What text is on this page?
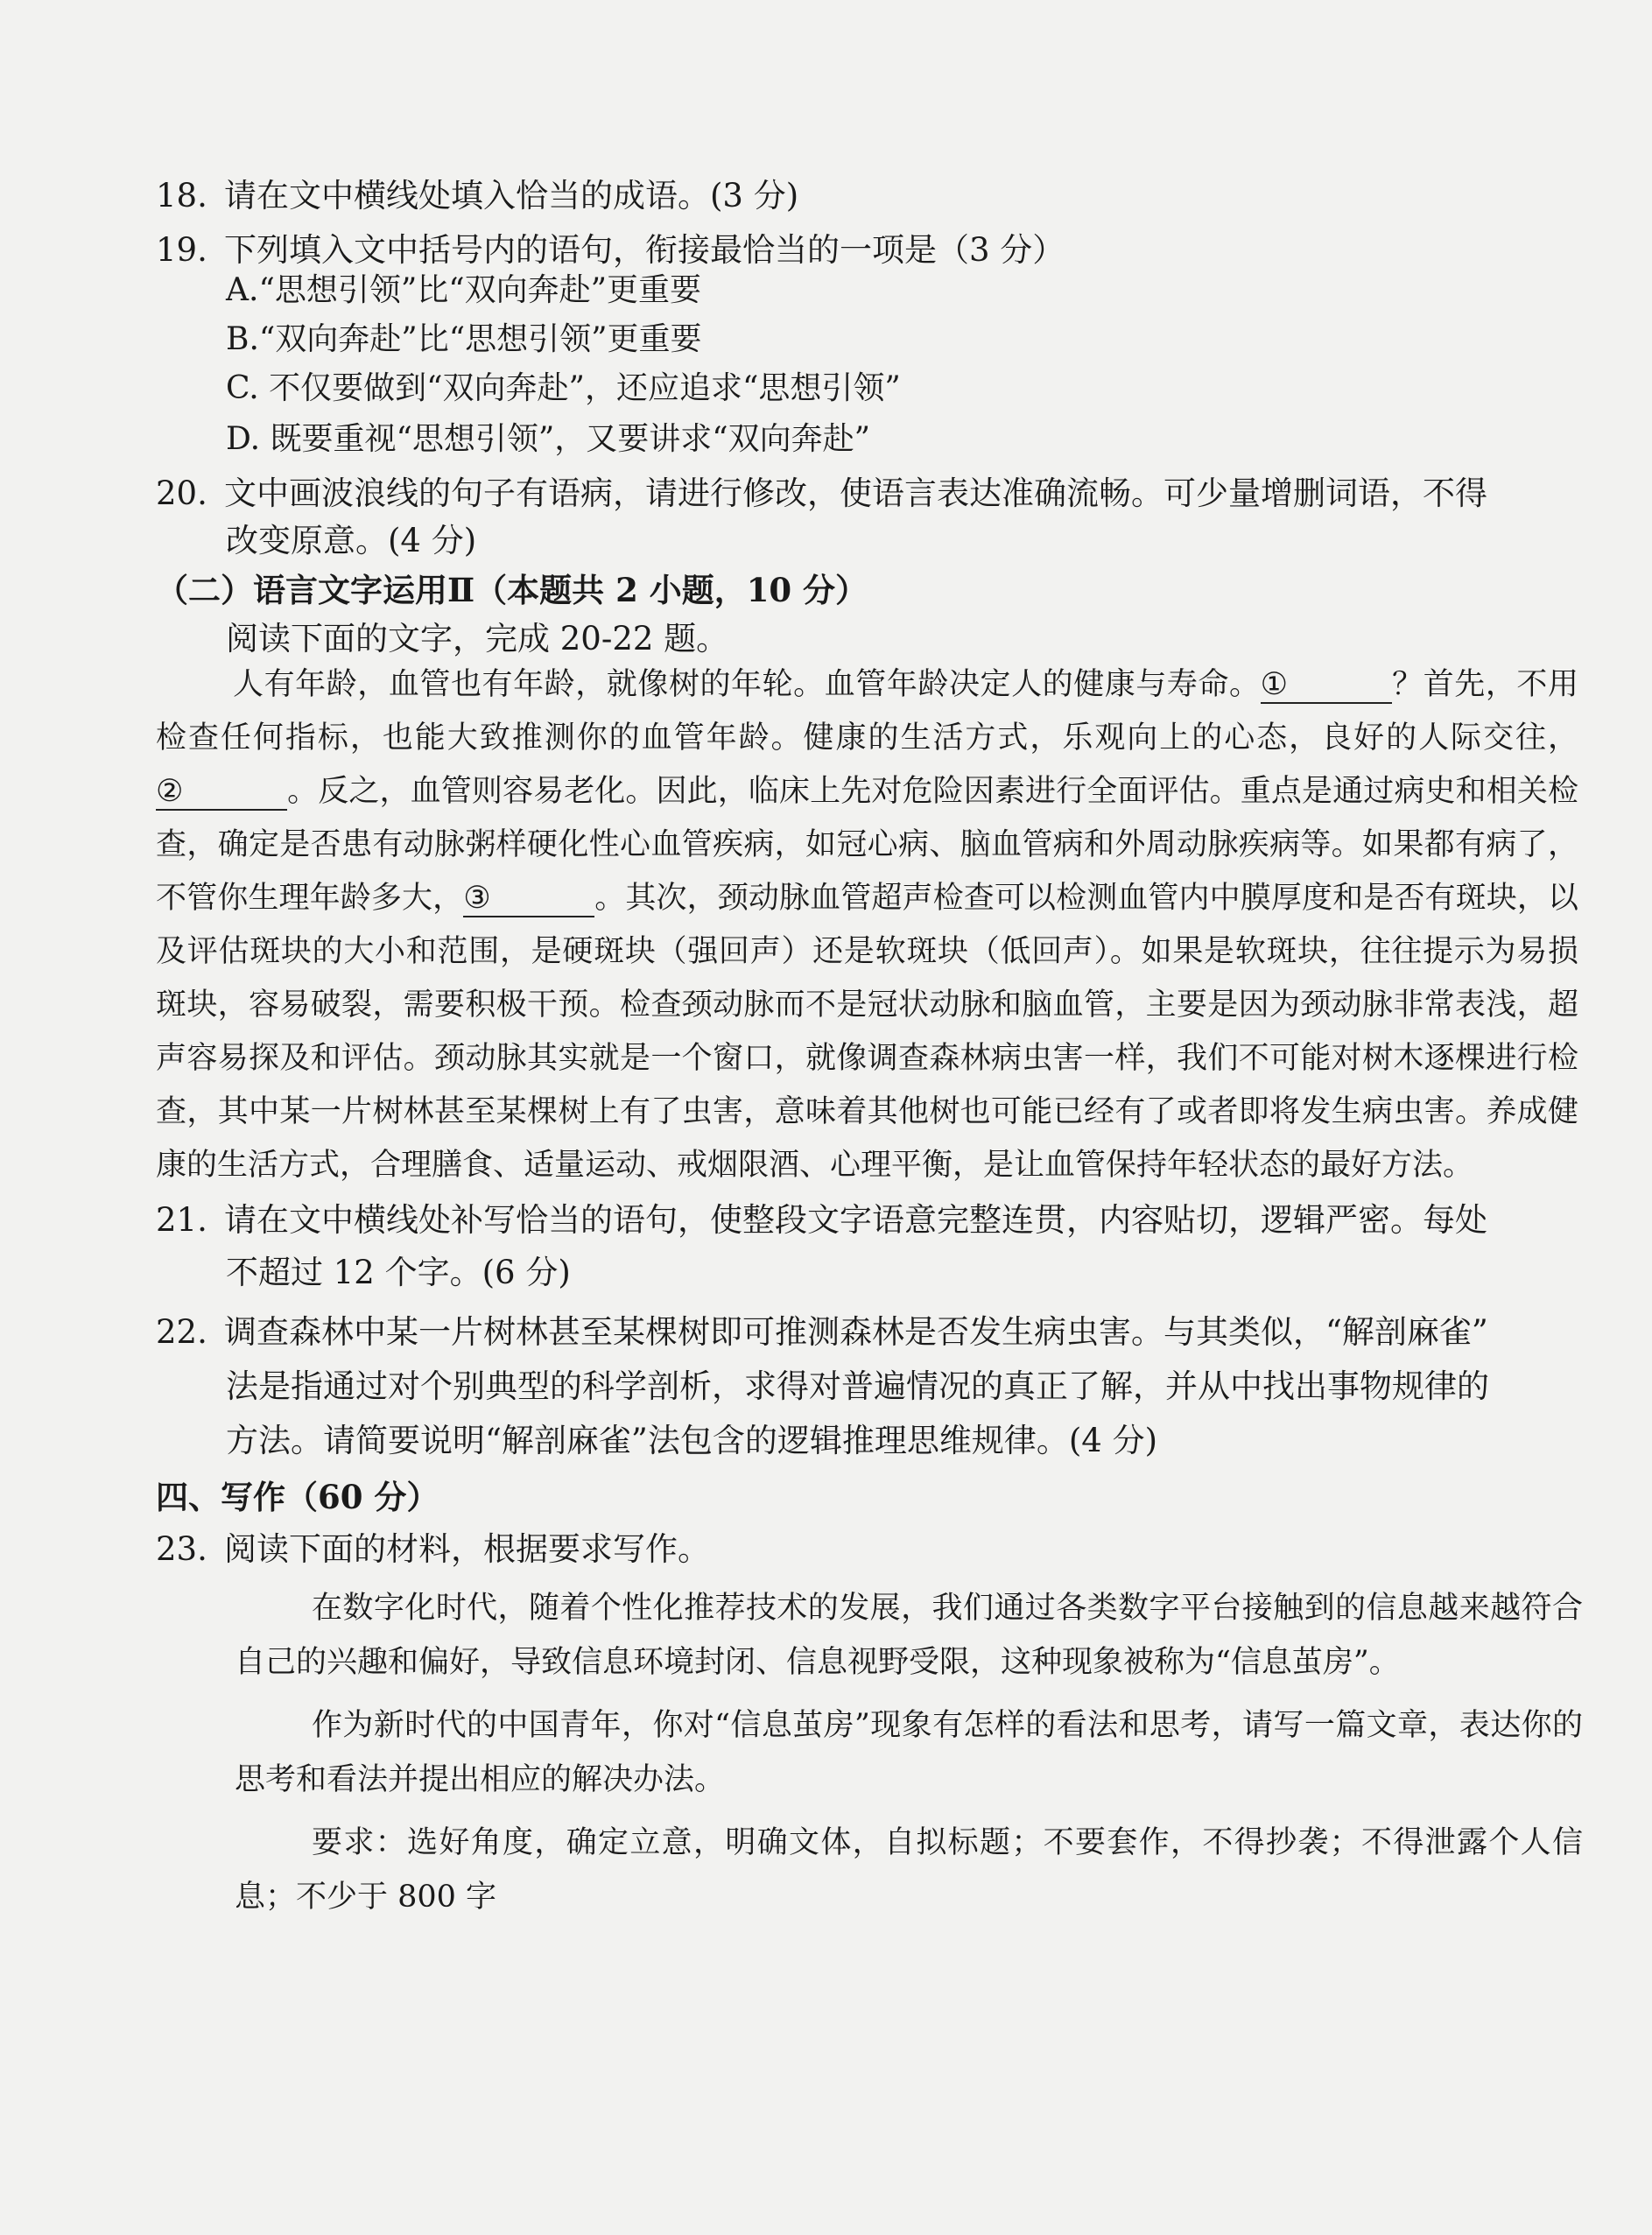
18. 请在文中横线处填入恰当的成语。(3 分)
19. 下列填入文中括号内的语句，衔接最恰当的一项是（3 分）
A.“思想引领”比“双向奔赴”更重要
B.“双向奔赴”比“思想引领”更重要
C. 不仅要做到“双向奔赴”，还应追求“思想引领”
D. 既要重视“思想引领”，又要讲求“双向奔赴”
20. 文中画波浪线的句子有语病，请进行修改，使语言表达准确流畅。可少量增删词语，不得
改变原意。(4 分)
（二）语言文字运用Ⅱ（本题共 2 小题，10 分）
阅读下面的文字，完成 20-22 题。

人有年龄，血管也有年龄，就像树的年轮。血管年龄决定人的健康与寿命。①	？首先，不用检查任何指标，也能大致推测你的血管年龄。健康的生活方式，乐观向上的心态，良好的人际交往，②	。反之，血管则容易老化。因此，临床上先对危险因素进行全面评估。重点是通过病史和相关检查，确定是否患有动脉粥样硬化性心血管疾病，如冠心病、脑血管病和外周动脉疾病等。如果都有病了，不管你生理年龄多大，③	。其次，颈动脉血管超声检查可以检测血管内中膜厚度和是否有斑块，以及评估斑块的大小和范围，是硬斑块（强回声）还是软斑块（低回声）。如果是软斑块，往往提示为易损斑块，容易破裂，需要积极干预。检查颈动脉而不是冠状动脉和脑血管，主要是因为颈动脉非常表浅，超声容易探及和评估。颈动脉其实就是一个窗口，就像调查森林病虫害一样，我们不可能对树木逐棵进行检查，其中某一片树林甚至某棵树上有了虫害，意味着其他树也可能已经有了或者即将发生病虫害。养成健康的生活方式，合理膳食、适量运动、戒烟限酒、心理平衡，是让血管保持年轻状态的最好方法。

21. 请在文中横线处补写恰当的语句，使整段文字语意完整连贯，内容贴切，逻辑严密。每处
不超过 12 个字。(6 分)
22. 调查森林中某一片树林甚至某棵树即可推测森林是否发生病虫害。与其类似，“解剖麻雀”
法是指通过对个别典型的科学剖析，求得对普遍情况的真正了解，并从中找出事物规律的
方法。请简要说明“解剖麻雀”法包含的逻辑推理思维规律。(4 分)
四、写作（60 分）
23. 阅读下面的材料，根据要求写作。

在数字化时代，随着个性化推荐技术的发展，我们通过各类数字平台接触到的信息越来越符合自己的兴趣和偏好，导致信息环境封闭、信息视野受限，这种现象被称为“信息茧房”。

作为新时代的中国青年，你对“信息茧房”现象有怎样的看法和思考，请写一篇文章，表达你的思考和看法并提出相应的解决办法。

要求：选好角度，确定立意，明确文体，自拟标题；不要套作，不得抄袭；不得泄露个人信息；不少于 800 字
